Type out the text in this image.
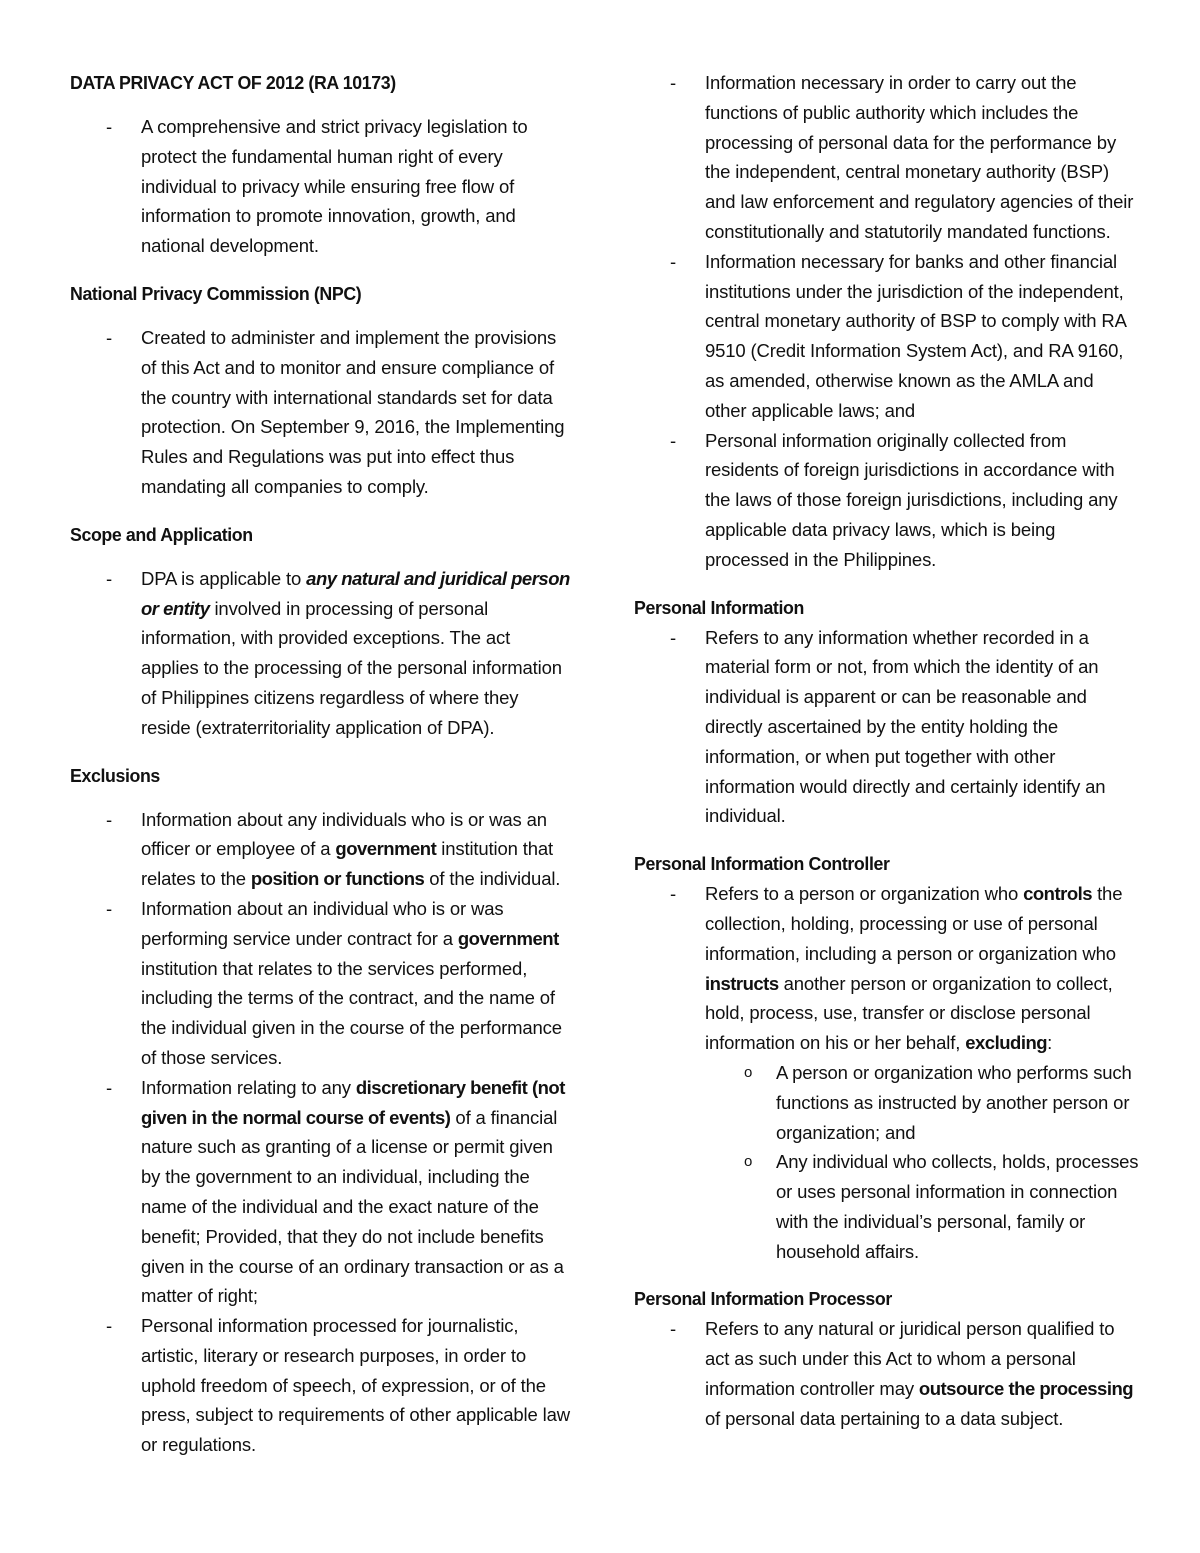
DATA PRIVACY ACT OF 2012 (RA 10173)
- A comprehensive and strict privacy legislation to protect the fundamental human right of every individual to privacy while ensuring free flow of information to promote innovation, growth, and national development.
National Privacy Commission (NPC)
- Created to administer and implement the provisions of this Act and to monitor and ensure compliance of the country with international standards set for data protection. On September 9, 2016, the Implementing Rules and Regulations was put into effect thus mandating all companies to comply.
Scope and Application
- DPA is applicable to any natural and juridical person or entity involved in processing of personal information, with provided exceptions. The act applies to the processing of the personal information of Philippines citizens regardless of where they reside (extraterritoriality application of DPA).
Exclusions
- Information about any individuals who is or was an officer or employee of a government institution that relates to the position or functions of the individual.
- Information about an individual who is or was performing service under contract for a government institution that relates to the services performed, including the terms of the contract, and the name of the individual given in the course of the performance of those services.
- Information relating to any discretionary benefit (not given in the normal course of events) of a financial nature such as granting of a license or permit given by the government to an individual, including the name of the individual and the exact nature of the benefit; Provided, that they do not include benefits given in the course of an ordinary transaction or as a matter of right;
- Personal information processed for journalistic, artistic, literary or research purposes, in order to uphold freedom of speech, of expression, or of the press, subject to requirements of other applicable law or regulations.
- Information necessary in order to carry out the functions of public authority which includes the processing of personal data for the performance by the independent, central monetary authority (BSP) and law enforcement and regulatory agencies of their constitutionally and statutorily mandated functions.
- Information necessary for banks and other financial institutions under the jurisdiction of the independent, central monetary authority of BSP to comply with RA 9510 (Credit Information System Act), and RA 9160, as amended, otherwise known as the AMLA and other applicable laws; and
- Personal information originally collected from residents of foreign jurisdictions in accordance with the laws of those foreign jurisdictions, including any applicable data privacy laws, which is being processed in the Philippines.
Personal Information
- Refers to any information whether recorded in a material form or not, from which the identity of an individual is apparent or can be reasonable and directly ascertained by the entity holding the information, or when put together with other information would directly and certainly identify an individual.
Personal Information Controller
- Refers to a person or organization who controls the collection, holding, processing or use of personal information, including a person or organization who instructs another person or organization to collect, hold, process, use, transfer or disclose personal information on his or her behalf, excluding:
o A person or organization who performs such functions as instructed by another person or organization; and
o Any individual who collects, holds, processes or uses personal information in connection with the individual’s personal, family or household affairs.
Personal Information Processor
- Refers to any natural or juridical person qualified to act as such under this Act to whom a personal information controller may outsource the processing of personal data pertaining to a data subject.
